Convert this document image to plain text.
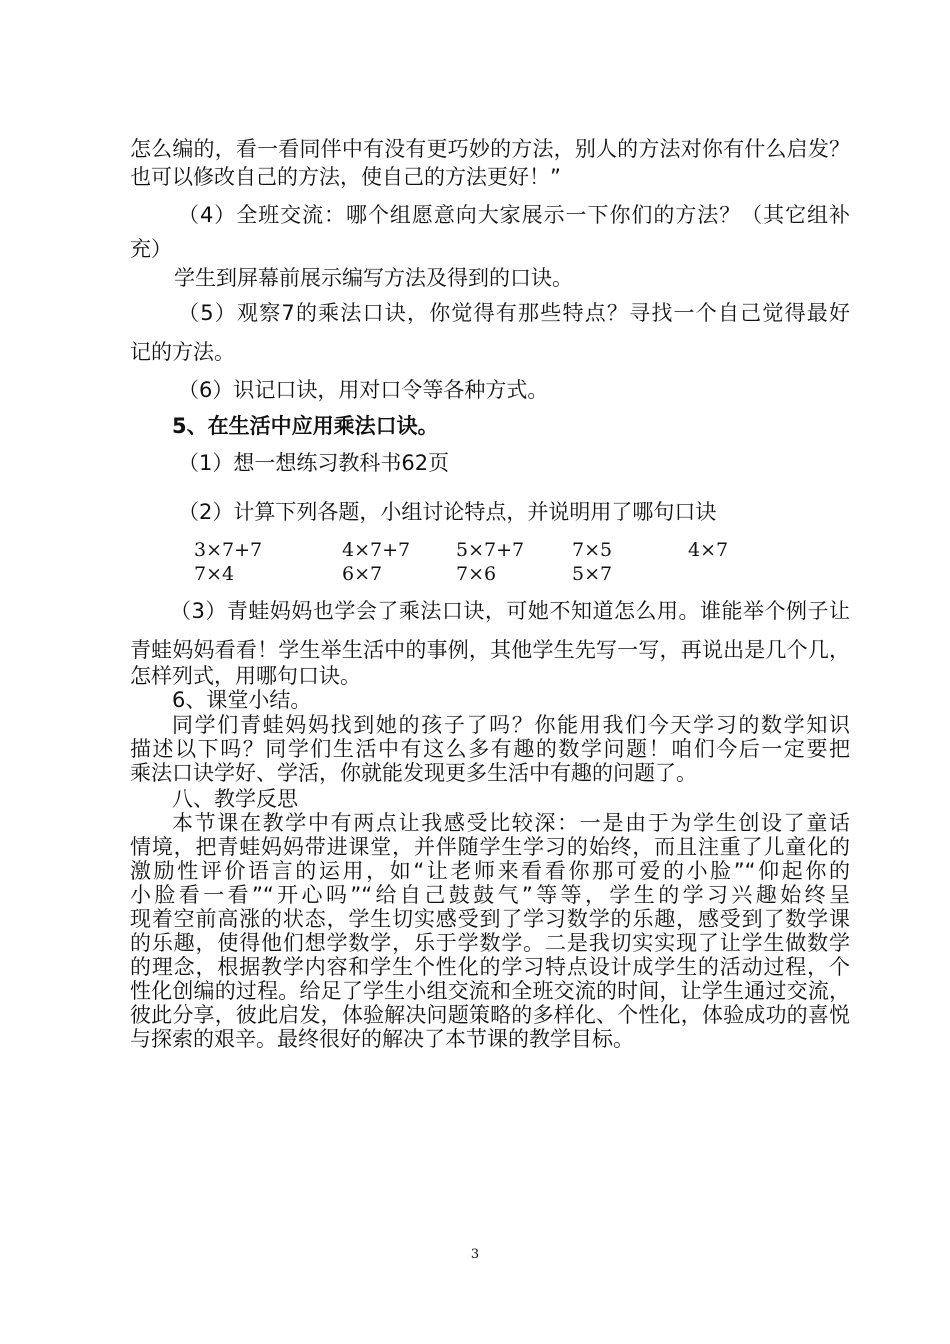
怎么编的，看一看同伴中有没有更巧妙的方法，别人的方法对你有什么启发？
也可以修改自己的方法，使自己的方法更好！”
（4）全班交流：哪个组愿意向大家展示一下你们的方法？（其它组补
充）
学生到屏幕前展示编写方法及得到的口诀。
（5）观察7的乘法口诀，你觉得有那些特点？寻找一个自己觉得最好
记的方法。
（6）识记口诀，用对口令等各种方式。
5、在生活中应用乘法口诀。
（1）想一想练习教科书62页
（2）计算下列各题，小组讨论特点，并说明用了哪句口诀
3×7+7	4×7+7 5×7+7	7×5	4×7
7×4	6×7	7×6	5×7
（3）青蛙妈妈也学会了乘法口诀，可她不知道怎么用。谁能举个例子让
青蛙妈妈看看！学生举生活中的事例，其他学生先写一写，再说出是几个几，
怎样列式，用哪句口诀。
6、课堂小结。
同学们青蛙妈妈找到她的孩子了吗？你能用我们今天学习的数学知识
描述以下吗？同学们生活中有这么多有趣的数学问题！咱们今后一定要把
乘法口诀学好、学活，你就能发现更多生活中有趣的问题了。
八、教学反思
本节课在教学中有两点让我感受比较深：一是由于为学生创设了童话
情境，把青蛙妈妈带进课堂，并伴随学生学习的始终，而且注重了儿童化的
激励性评价语言的运用，如“让老师来看看你那可爱的小脸”“仰起你的
小脸看一看”“开心吗”“给自己鼓鼓气”等等，学生的学习兴趣始终呈
现着空前高涨的状态，学生切实感受到了学习数学的乐趣，感受到了数学课
的乐趣，使得他们想学数学，乐于学数学。二是我切实实现了让学生做数学
的理念，根据教学内容和学生个性化的学习特点设计成学生的活动过程，个
性化创编的过程。给足了学生小组交流和全班交流的时间，让学生通过交流，
彼此分享，彼此启发，体验解决问题策略的多样化、个性化，体验成功的喜悦
与探索的艰辛。最终很好的解决了本节课的教学目标。
3
